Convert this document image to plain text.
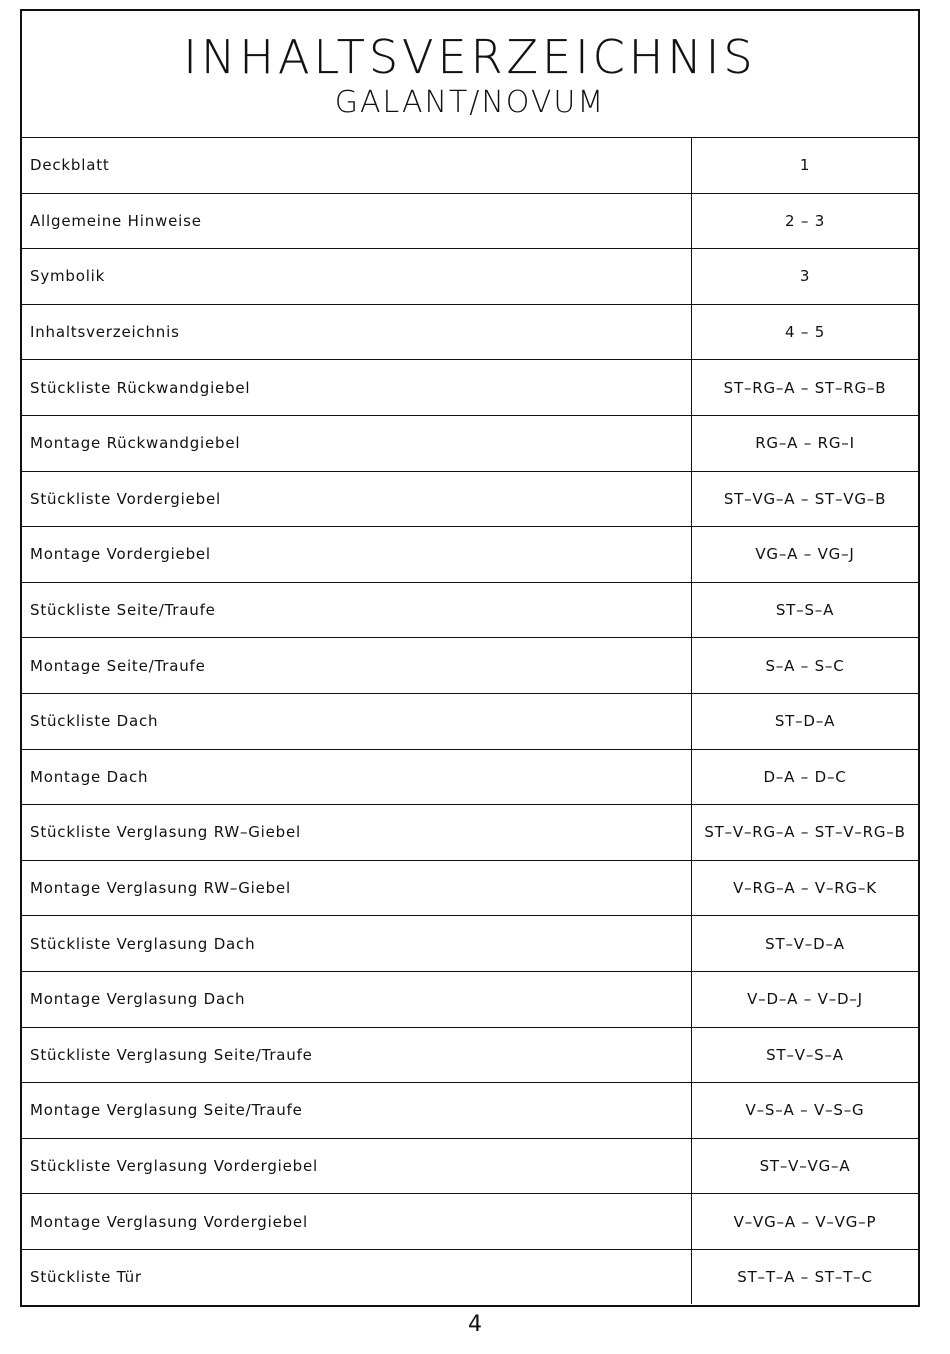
INHALTSVERZEICHNIS
GALANT/NOVUM
Deckblatt	1
Allgemeine Hinweise	2 – 3
Symbolik	3
Inhaltsverzeichnis	4 – 5
Stückliste Rückwandgiebel	ST–RG–A – ST–RG–B
Montage Rückwandgiebel	RG–A – RG–I
Stückliste Vordergiebel	ST–VG–A – ST–VG–B
Montage Vordergiebel	VG–A – VG–J
Stückliste Seite/Traufe	ST–S–A
Montage Seite/Traufe	S–A – S–C
Stückliste Dach	ST–D–A
Montage Dach	D–A – D–C
Stückliste Verglasung RW–Giebel	ST–V–RG–A – ST–V–RG–B
Montage Verglasung RW–Giebel	V–RG–A – V–RG–K
Stückliste Verglasung Dach	ST–V–D–A
Montage Verglasung Dach	V–D–A – V–D–J
Stückliste Verglasung Seite/Traufe	ST–V–S–A
Montage Verglasung Seite/Traufe	V–S–A – V–S–G
Stückliste Verglasung Vordergiebel	ST–V–VG–A
Montage Verglasung Vordergiebel	V–VG–A – V–VG–P
Stückliste Tür	ST–T–A – ST–T–C
4
